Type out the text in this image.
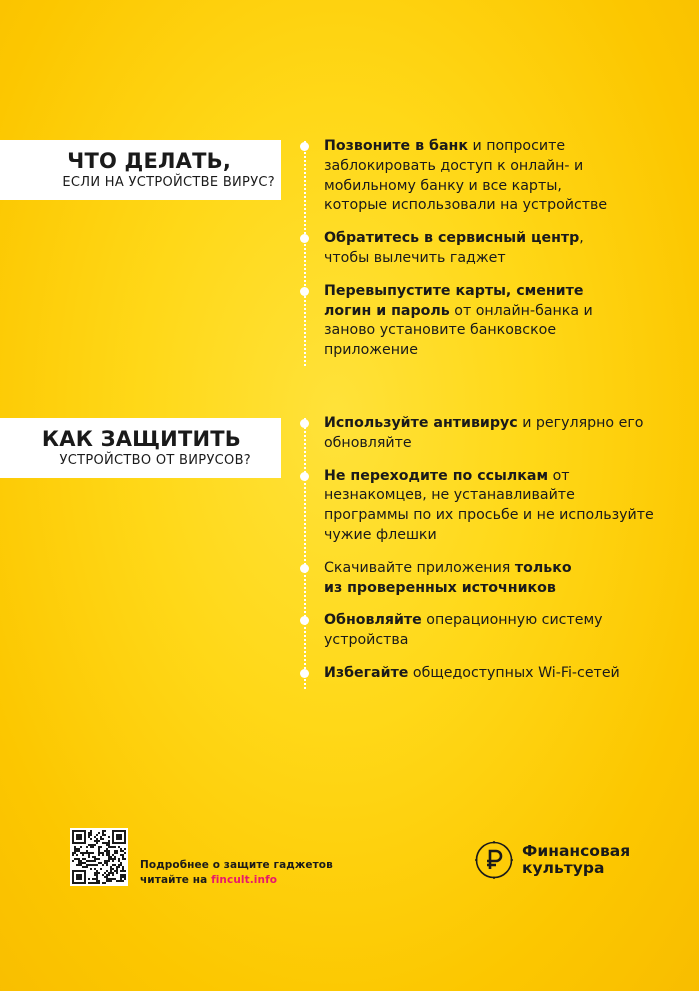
ЧТО ДЕЛАТЬ,
ЕСЛИ НА УСТРОЙСТВЕ ВИРУС?
Позвоните в банк и попросите заблокировать доступ к онлайн- и мобильному банку и все карты, которые использовали на устройстве
Обратитесь в сервисный центр, чтобы вылечить гаджет
Перевыпустите карты, смените логин и пароль от онлайн-банка и заново установите банковское приложение
КАК ЗАЩИТИТЬ
УСТРОЙСТВО ОТ ВИРУСОВ?
Используйте антивирус и регулярно его обновляйте
Не переходите по ссылкам от незнакомцев, не устанавливайте программы по их просьбе и не используйте чужие флешки
Скачивайте приложения только из проверенных источников
Обновляйте операционную систему устройства
Избегайте общедоступных Wi-Fi-сетей
Подробнее о защите гаджетов
читайте на fincult.info
Финансовая
культура
